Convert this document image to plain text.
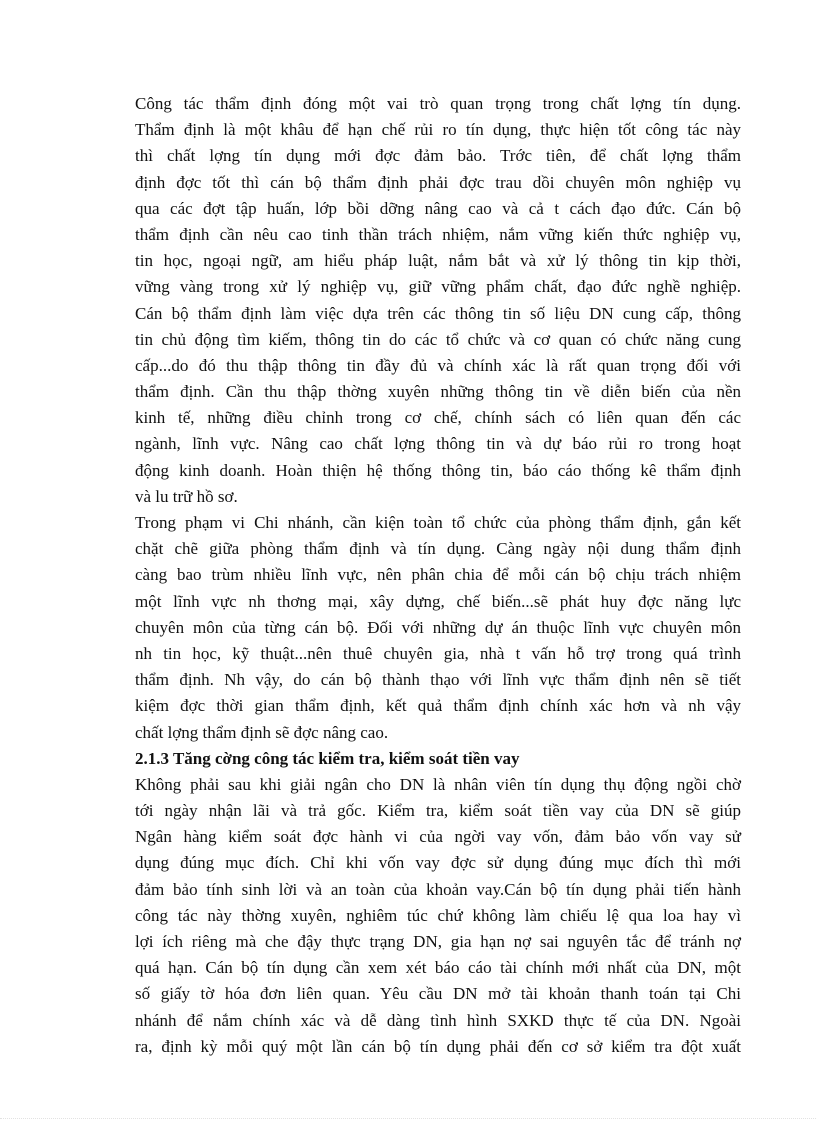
Công tác thẩm định đóng một vai trò quan trọng trong chất lợng tín dụng.
Thẩm định là một khâu để hạn chế rủi ro tín dụng, thực hiện tốt công tác này
thì chất lợng tín dụng mới đợc đảm bảo. Trớc tiên, để chất lợng thẩm
định đợc tốt thì cán bộ thẩm định phải đợc trau dồi chuyên môn nghiệp vụ
qua các đợt tập huấn, lớp bồi dỡng nâng cao và cả t cách đạo đức. Cán bộ
thẩm định cần nêu cao tinh thần trách nhiệm, nắm vững kiến thức nghiệp vụ,
tin học, ngoại ngữ, am hiểu pháp luật, nắm bắt và xử lý thông tin kịp thời,
vững vàng trong xử lý nghiệp vụ, giữ vững phẩm chất, đạo đức nghề nghiệp.
Cán bộ thẩm định làm việc dựa trên các thông tin số liệu DN cung cấp, thông
tin chủ động tìm kiếm, thông tin do các tổ chức và cơ quan có chức năng cung
cấp...do đó thu thập thông tin đầy đủ và chính xác là rất quan trọng đối với
thẩm định. Cần thu thập thờng xuyên những thông tin về diễn biến của nền
kinh tế, những điều chỉnh trong cơ chế, chính sách có liên quan đến các
ngành, lĩnh vực. Nâng cao chất lợng thông tin và dự báo rủi ro trong hoạt
động kinh doanh. Hoàn thiện hệ thống thông tin, báo cáo thống kê thẩm định
và lu trữ hồ sơ.
Trong phạm vi Chi nhánh, cần kiện toàn tổ chức của phòng thẩm định, gắn kết
chặt chẽ giữa phòng thẩm định và tín dụng. Càng ngày nội dung thẩm định
càng bao trùm nhiều lĩnh vực, nên phân chia để mỗi cán bộ chịu trách nhiệm
một lĩnh vực nh thơng mại, xây dựng, chế biến...sẽ phát huy đợc năng lực
chuyên môn của từng cán bộ. Đối với những dự án thuộc lĩnh vực chuyên môn
nh tin học, kỹ thuật...nên thuê chuyên gia, nhà t vấn hỗ trợ trong quá trình
thẩm định. Nh vậy, do cán bộ thành thạo với lĩnh vực thẩm định nên sẽ tiết
kiệm đợc thời gian thẩm định, kết quả thẩm định chính xác hơn và nh vậy
chất lợng thẩm định sẽ đợc nâng cao.
2.1.3 Tăng cờng công tác kiểm tra, kiểm soát tiền vay
Không phải sau khi giải ngân cho DN là nhân viên tín dụng thụ động ngồi chờ
tới ngày nhận lãi và trả gốc. Kiểm tra, kiểm soát tiền vay của DN sẽ giúp
Ngân hàng kiểm soát đợc hành vi của ngời vay vốn, đảm bảo vốn vay sử
dụng đúng mục đích. Chỉ khi vốn vay đợc sử dụng đúng mục đích thì mới
đảm bảo tính sinh lời và an toàn của khoản vay.Cán bộ tín dụng phải tiến hành
công tác này thờng xuyên, nghiêm túc chứ không làm chiếu lệ qua loa hay vì
lợi ích riêng mà che đậy thực trạng DN, gia hạn nợ sai nguyên tắc để tránh nợ
quá hạn. Cán bộ tín dụng cần xem xét báo cáo tài chính mới nhất của DN, một
số giấy tờ hóa đơn liên quan. Yêu cầu DN mở tài khoản thanh toán tại Chi
nhánh để nắm chính xác và dễ dàng tình hình SXKD thực tế của DN. Ngoài
ra, định kỳ mỗi quý một lần cán bộ tín dụng phải đến cơ sở kiểm tra đột xuất
